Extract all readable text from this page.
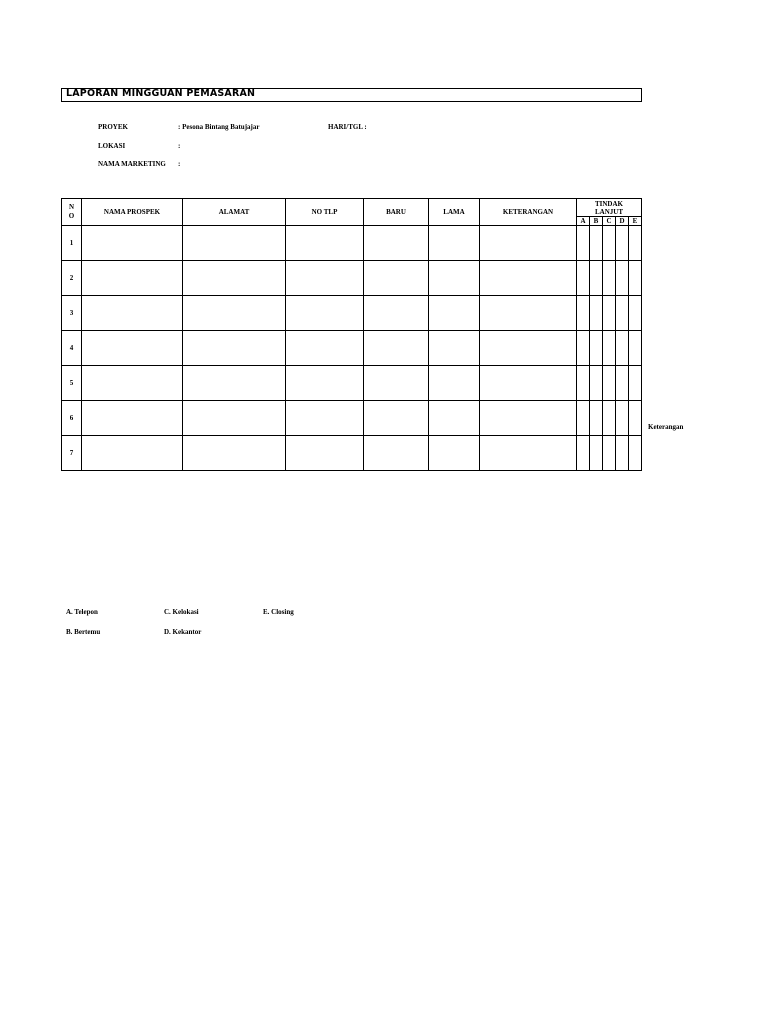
LAPORAN MINGGUAN PEMASARAN
PROYEK	: Pesona Bintang Batujajar	HARI/TGL :
LOKASI	:
NAMA MARKETING :
N O	NAMA PROSPEK	ALAMAT	NO TLP	BARU	LAMA	KETERANGAN	TINDAK LANJUT				
							A	B	C	D	E
1											
2											
3											
4											
5											
6											
7											
Keterangan
A. Telepon	C. Kelokasi	E. Closing
B. Bertemu	D. Kekantor
